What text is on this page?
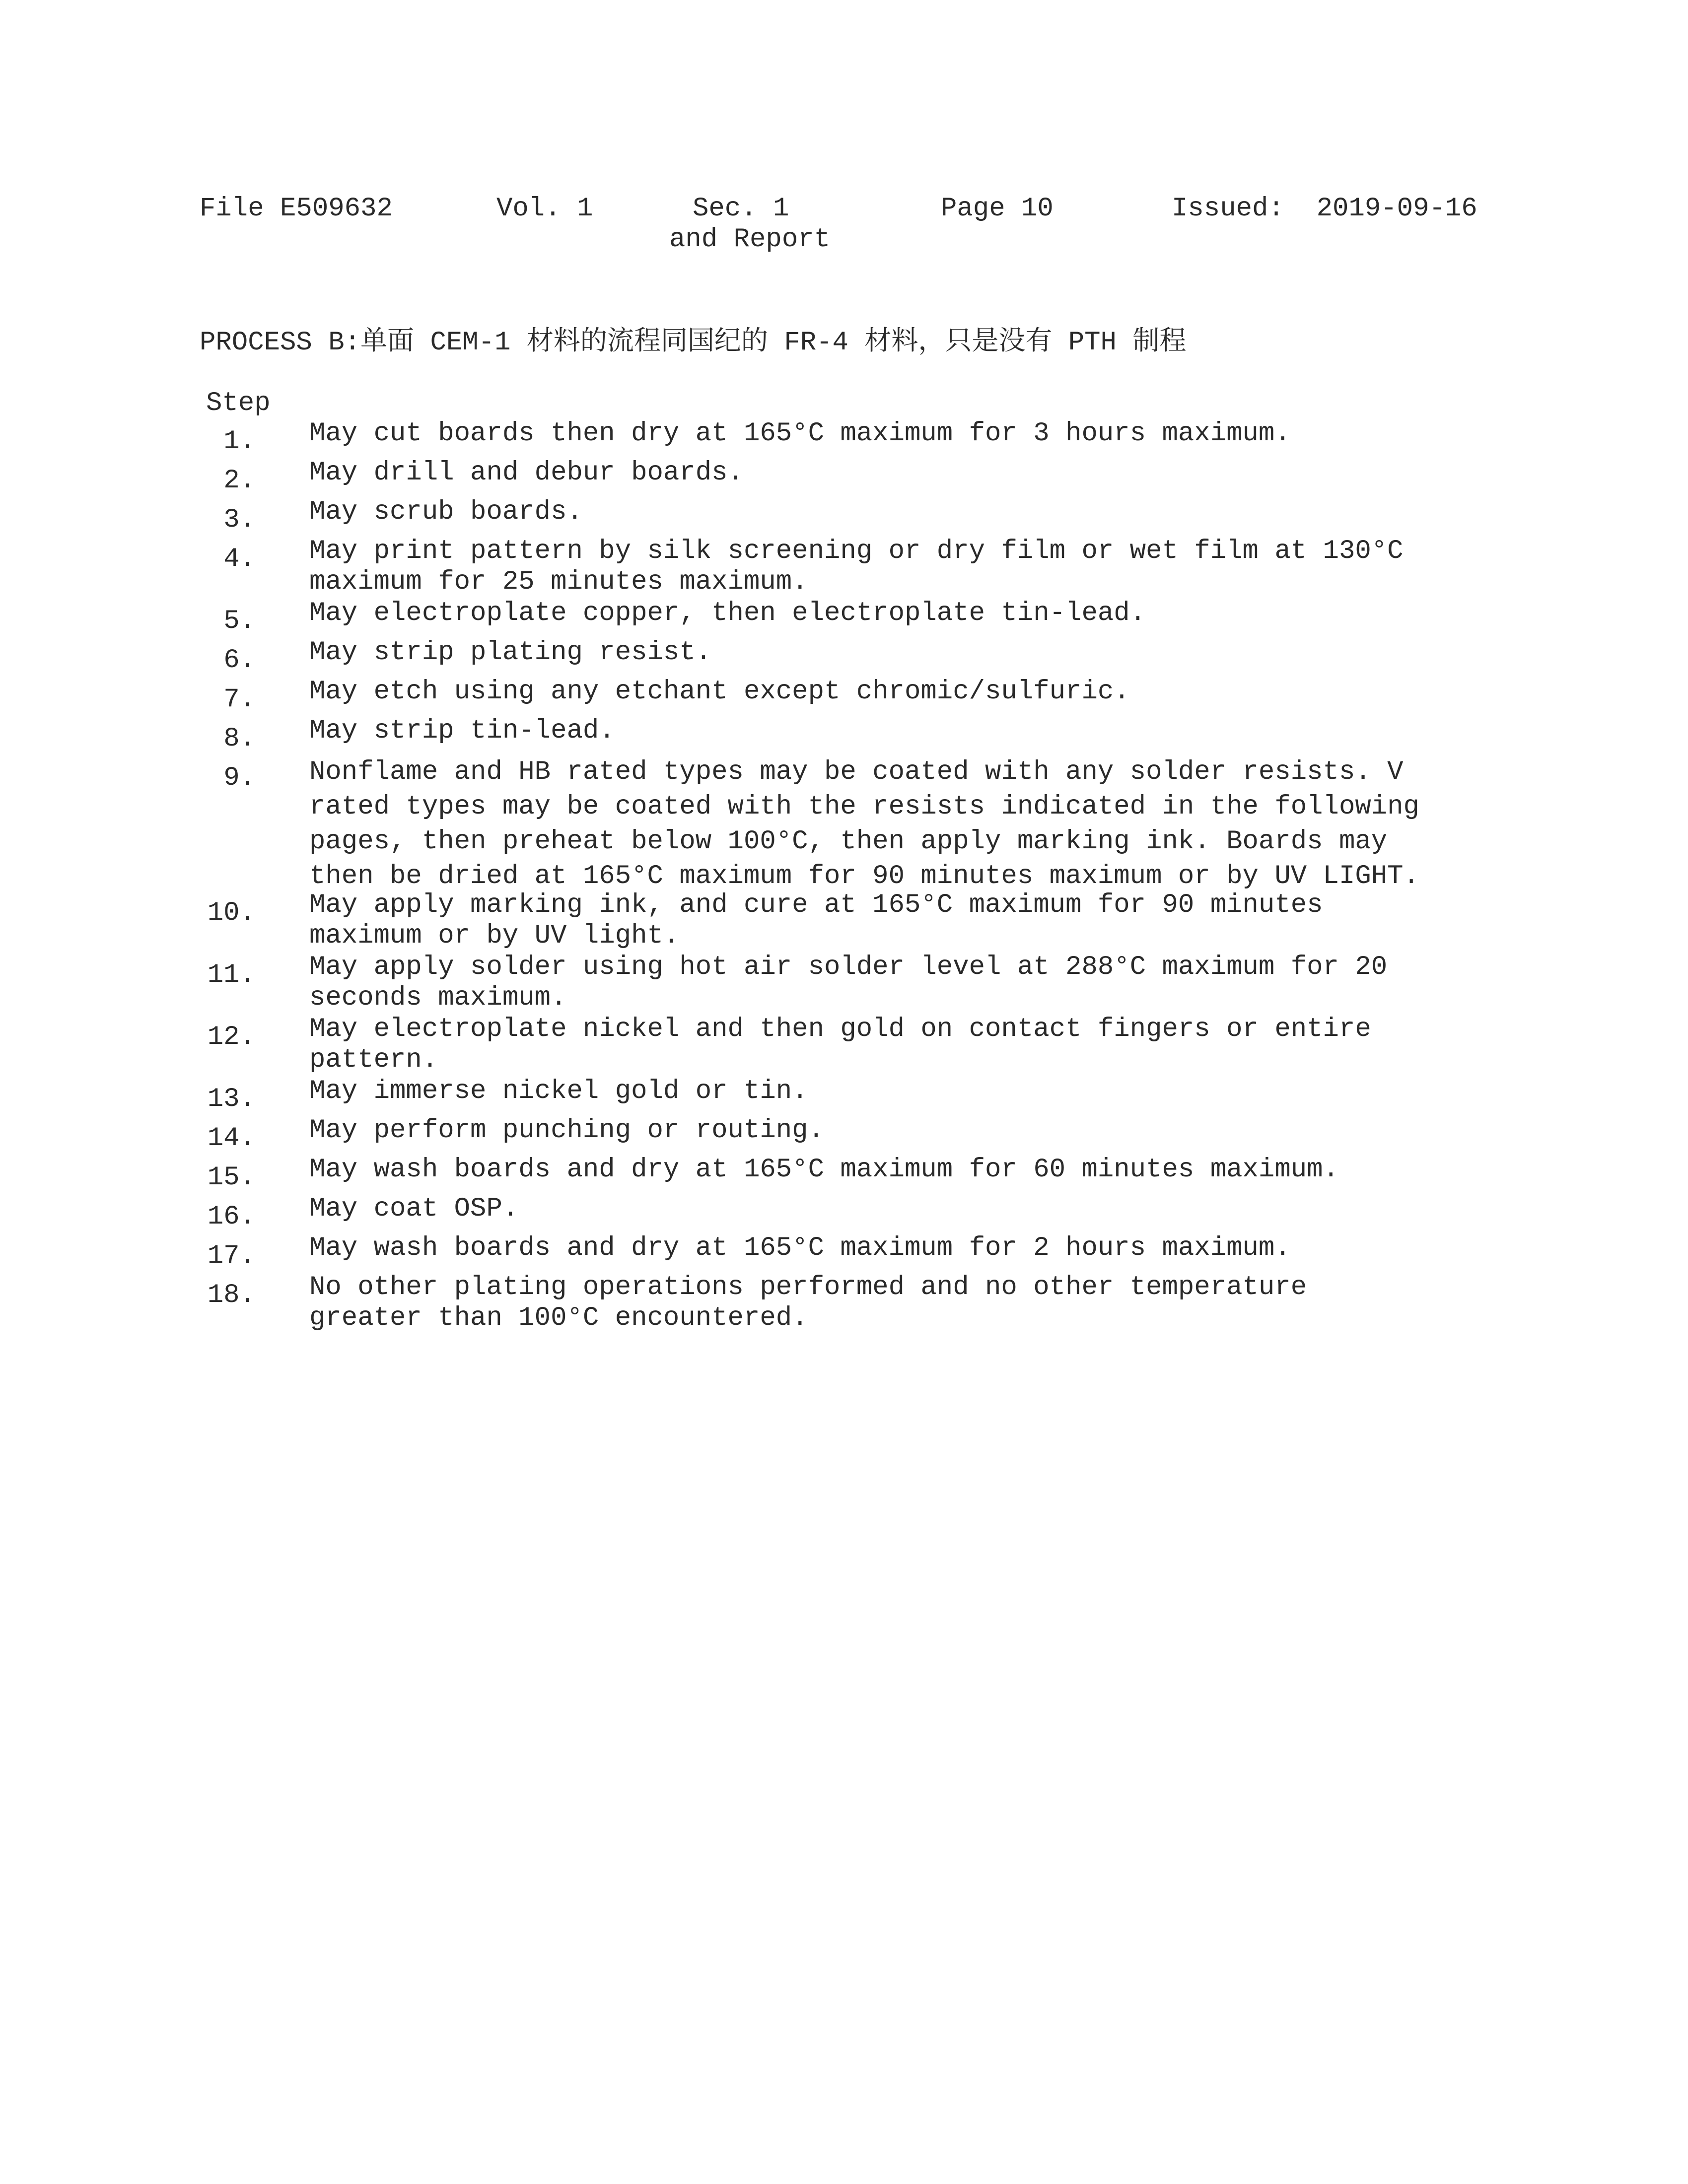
File E509632	Vol. 1	Sec. 1
and Report
Page 10	Issued:  2019-09-16
PROCESS B:单面 CEM-1 材料的流程同国纪的 FR-4 材料，只是没有 PTH 制程
Step
1. May cut boards then dry at 165°C maximum for 3 hours maximum.
2. May drill and debur boards.
3. May scrub boards.
4. May print pattern by silk screening or dry film or wet film at 130°C
maximum for 25 minutes maximum.
5. May electroplate copper, then electroplate tin-lead.
6. May strip plating resist.
7. May etch using any etchant except chromic/sulfuric.
8. May strip tin-lead.
9. Nonflame and HB rated types may be coated with any solder resists. V
rated types may be coated with the resists indicated in the following
pages, then preheat below 100°C, then apply marking ink. Boards may
then be dried at 165°C maximum for 90 minutes maximum or by UV LIGHT.
10. May apply marking ink, and cure at 165°C maximum for 90 minutes
maximum or by UV light.
11. May apply solder using hot air solder level at 288°C maximum for 20
seconds maximum.
12. May electroplate nickel and then gold on contact fingers or entire
pattern.
13. May immerse nickel gold or tin.
14. May perform punching or routing.
15. May wash boards and dry at 165°C maximum for 60 minutes maximum.
16. May coat OSP.
17. May wash boards and dry at 165°C maximum for 2 hours maximum.
18. No other plating operations performed and no other temperature
greater than 100°C encountered.
